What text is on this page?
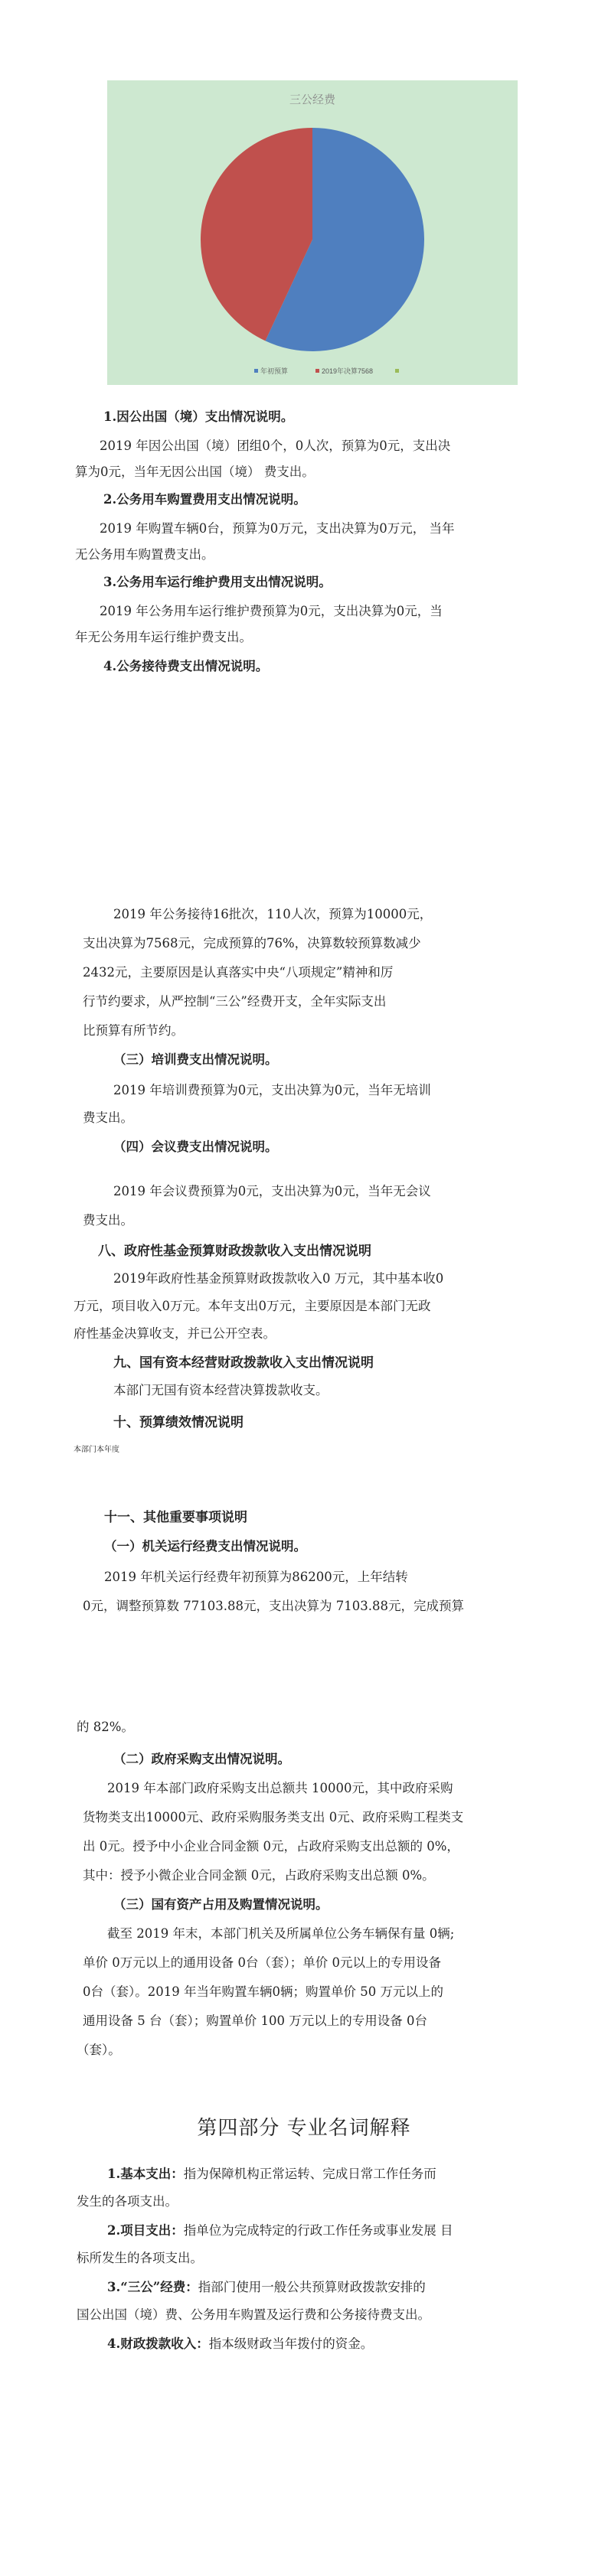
三公经费
年初预算	2019年决算7568
1.因公出国（境）支出情况说明。
2019 年因公出国（境）团组0个，0人次，预算为0元，支出决
算为0元，当年无因公出国（境） 费支出。
2.公务用车购置费用支出情况说明。
2019 年购置车辆0台，预算为0万元，支出决算为0万元， 当年
无公务用车购置费支出。
3.公务用车运行维护费用支出情况说明。
2019 年公务用车运行维护费预算为0元，支出决算为0元，当
年无公务用车运行维护费支出。
4.公务接待费支出情况说明。
2019 年公务接待16批次，110人次，预算为10000元，
支出决算为7568元，完成预算的76%，决算数较预算数减少
2432元，主要原因是认真落实中央“八项规定”精神和厉
行节约要求，从严控制“三公”经费开支，全年实际支出
比预算有所节约。
（三）培训费支出情况说明。
2019 年培训费预算为0元，支出决算为0元，当年无培训
费支出。
（四）会议费支出情况说明。
2019 年会议费预算为0元，支出决算为0元，当年无会议
费支出。
八、政府性基金预算财政拨款收入支出情况说明
2019年政府性基金预算财政拨款收入0 万元，其中基本收0
万元，项目收入0万元。本年支出0万元，主要原因是本部门无政
府性基金决算收支，并已公开空表。
九、国有资本经营财政拨款收入支出情况说明
本部门无国有资本经营决算拨款收支。
十、预算绩效情况说明
本部门本年度
十一、其他重要事项说明
（一）机关运行经费支出情况说明。
2019 年机关运行经费年初预算为86200元，上年结转
0元，调整预算数 77103.88元，支出决算为 7103.88元，完成预算
的 82%。
（二）政府采购支出情况说明。
2019 年本部门政府采购支出总额共 10000元，其中政府采购
货物类支出10000元、政府采购服务类支出 0元、政府采购工程类支
出 0元。授予中小企业合同金额 0元，占政府采购支出总额的 0%，
其中：授予小微企业合同金额 0元，占政府采购支出总额 0%。
（三）国有资产占用及购置情况说明。
截至 2019 年末，本部门机关及所属单位公务车辆保有量 0辆;
单价 0万元以上的通用设备 0台（套）；单价 0元以上的专用设备
0台（套）。2019 年当年购置车辆0辆；购置单价 50 万元以上的
通用设备 5 台（套）；购置单价 100 万元以上的专用设备 0台
（套）。
第四部分 专业名词解释
1.基本支出：指为保障机构正常运转、完成日常工作任务而
发生的各项支出。
2.项目支出：指单位为完成特定的行政工作任务或事业发展 目
标所发生的各项支出。
3.“三公”经费：指部门使用一般公共预算财政拨款安排的
国公出国（境）费、公务用车购置及运行费和公务接待费支出。
4.财政拨款收入：指本级财政当年拨付的资金。
